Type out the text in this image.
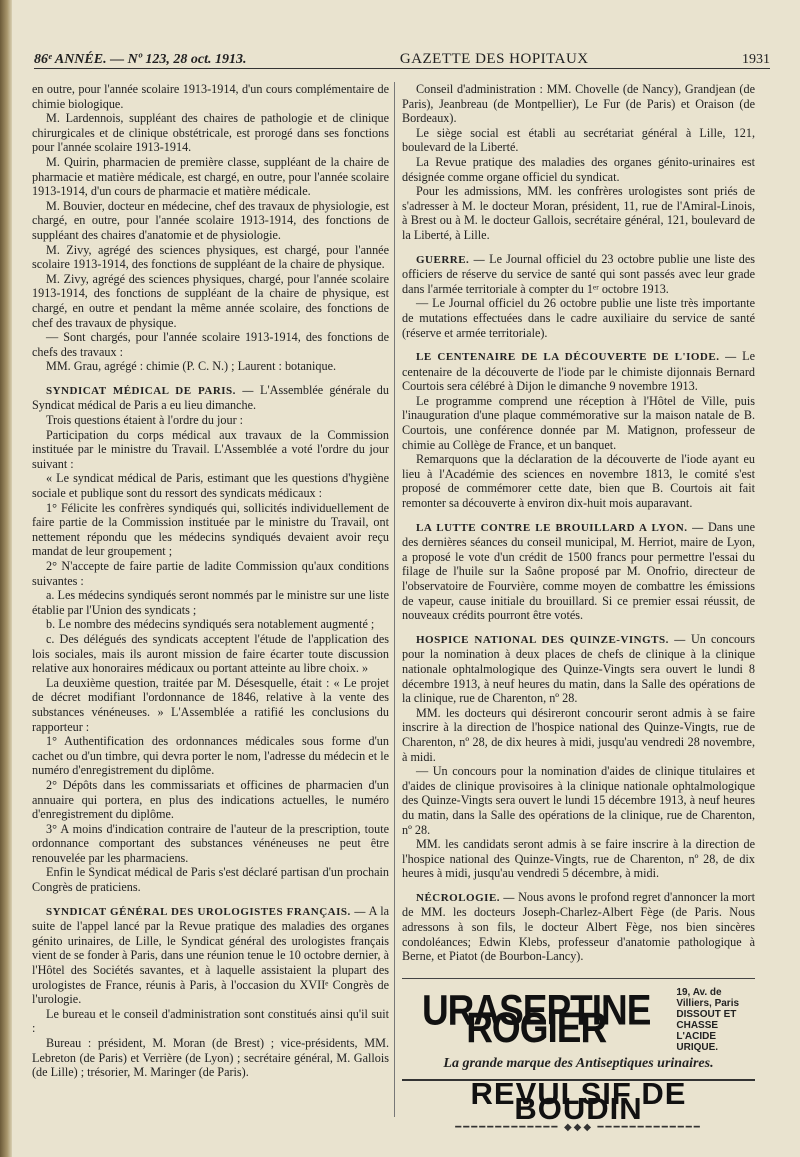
86ᵉ ANNÉE. — Nº 123, 28 oct. 1913.	GAZETTE DES HOPITAUX	1931

en outre, pour l'année scolaire 1913-1914, d'un cours complémentaire de chimie biologique.

M. Lardennois, suppléant des chaires de pathologie et de clinique chirurgicales et de clinique obstétricale, est prorogé dans ses fonctions pour l'année scolaire 1913-1914.

M. Quirin, pharmacien de première classe, suppléant de la chaire de pharmacie et matière médicale, est chargé, en outre, pour l'année scolaire 1913-1914, d'un cours de pharmacie et matière médicale.

M. Bouvier, docteur en médecine, chef des travaux de physiologie, est chargé, en outre, pour l'année scolaire 1913-1914, des fonctions de suppléant des chaires d'anatomie et de physiologie.

M. Zivy, agrégé des sciences physiques, est chargé, pour l'année scolaire 1913-1914, des fonctions de suppléant de la chaire de physique.

M. Zivy, agrégé des sciences physiques, chargé, pour l'année scolaire 1913-1914, des fonctions de suppléant de la chaire de physique, est chargé, en outre et pendant la même année scolaire, des fonctions de chef des travaux de physique.

— Sont chargés, pour l'année scolaire 1913-1914, des fonctions de chefs des travaux :

MM. Grau, agrégé : chimie (P. C. N.) ; Laurent : botanique.

SYNDICAT MÉDICAL DE PARIS. — L'Assemblée générale du Syndicat médical de Paris a eu lieu dimanche.

Trois questions étaient à l'ordre du jour :

Participation du corps médical aux travaux de la Commission instituée par le ministre du Travail. L'Assemblée a voté l'ordre du jour suivant :

« Le syndicat médical de Paris, estimant que les questions d'hygiène sociale et publique sont du ressort des syndicats médicaux :

1° Félicite les confrères syndiqués qui, sollicités individuellement de faire partie de la Commission instituée par le ministre du Travail, ont nettement répondu que les médecins syndiqués devaient avoir reçu mandat de leur groupement ;

2° N'accepte de faire partie de ladite Commission qu'aux conditions suivantes :

a. Les médecins syndiqués seront nommés par le ministre sur une liste établie par l'Union des syndicats ;

b. Le nombre des médecins syndiqués sera notablement augmenté ;

c. Des délégués des syndicats acceptent l'étude de l'application des lois sociales, mais ils auront mission de faire écarter toute discussion relative aux honoraires médicaux ou portant atteinte au libre choix. »

La deuxième question, traitée par M. Désesquelle, était : « Le projet de décret modifiant l'ordonnance de 1846, relative à la vente des substances vénéneuses. » L'Assemblée a ratifié les conclusions du rapporteur :

1° Authentification des ordonnances médicales sous forme d'un cachet ou d'un timbre, qui devra porter le nom, l'adresse du médecin et le numéro d'enregistrement du diplôme.

2° Dépôts dans les commissariats et officines de pharmacien d'un annuaire qui portera, en plus des indications actuelles, le numéro d'enregistrement du diplôme.

3° A moins d'indication contraire de l'auteur de la prescription, toute ordonnance comportant des substances vénéneuses ne peut être renouvelée par les pharmaciens.

Enfin le Syndicat médical de Paris s'est déclaré partisan d'un prochain Congrès de praticiens.

SYNDICAT GÉNÉRAL DES UROLOGISTES FRANÇAIS. — A la suite de l'appel lancé par la Revue pratique des maladies des organes génito urinaires, de Lille, le Syndicat général des urologistes français vient de se fonder à Paris, dans une réunion tenue le 10 octobre dernier, à l'Hôtel des Sociétés savantes, et à laquelle assistaient la plupart des urologistes de France, réunis à Paris, à l'occasion du XVIIᵉ Congrès de l'urologie.

Le bureau et le conseil d'administration sont constitués ainsi qu'il suit :

Bureau : président, M. Moran (de Brest) ; vice-présidents, MM. Lebreton (de Paris) et Verrière (de Lyon) ; secrétaire général, M. Gallois (de Lille) ; trésorier, M. Maringer (de Paris).

Conseil d'administration : MM. Chovelle (de Nancy), Grandjean (de Paris), Jeanbreau (de Montpellier), Le Fur (de Paris) et Oraison (de Bordeaux).

Le siège social est établi au secrétariat général à Lille, 121, boulevard de la Liberté.

La Revue pratique des maladies des organes génito-urinaires est désignée comme organe officiel du syndicat.

Pour les admissions, MM. les confrères urologistes sont priés de s'adresser à M. le docteur Moran, président, 11, rue de l'Amiral-Linois, à Brest ou à M. le docteur Gallois, secrétaire général, 121, boulevard de la Liberté, à Lille.

GUERRE. — Le Journal officiel du 23 octobre publie une liste des officiers de réserve du service de santé qui sont passés avec leur grade dans l'armée territoriale à compter du 1ᵉʳ octobre 1913.

— Le Journal officiel du 26 octobre publie une liste très importante de mutations effectuées dans le cadre auxiliaire du service de santé (réserve et armée territoriale).

LE CENTENAIRE DE LA DÉCOUVERTE DE L'IODE. — Le centenaire de la découverte de l'iode par le chimiste dijonnais Bernard Courtois sera célébré à Dijon le dimanche 9 novembre 1913.

Le programme comprend une réception à l'Hôtel de Ville, puis l'inauguration d'une plaque commémorative sur la maison natale de B. Courtois, une conférence donnée par M. Matignon, professeur de chimie au Collège de France, et un banquet.

Remarquons que la déclaration de la découverte de l'iode ayant eu lieu à l'Académie des sciences en novembre 1813, le comité s'est proposé de commémorer cette date, bien que B. Courtois ait fait remonter sa découverte à environ dix-huit mois auparavant.

LA LUTTE CONTRE LE BROUILLARD A LYON. — Dans une des dernières séances du conseil municipal, M. Herriot, maire de Lyon, a proposé le vote d'un crédit de 1500 francs pour permettre l'essai du filage de l'huile sur la Saône proposé par M. Onofrio, directeur de l'observatoire de Fourvière, comme moyen de combattre les émissions de vapeur, cause initiale du brouillard. Si ce premier essai réussit, de nouveaux crédits pourront être votés.

HOSPICE NATIONAL DES QUINZE-VINGTS. — Un concours pour la nomination à deux places de chefs de clinique à la clinique nationale ophtalmologique des Quinze-Vingts sera ouvert le lundi 8 décembre 1913, à neuf heures du matin, dans la Salle des opérations de la clinique, rue de Charenton, nº 28.

MM. les docteurs qui désireront concourir seront admis à se faire inscrire à la direction de l'hospice national des Quinze-Vingts, rue de Charenton, nº 28, de dix heures à midi, jusqu'au vendredi 28 novembre, à midi.

— Un concours pour la nomination d'aides de clinique titulaires et d'aides de clinique provisoires à la clinique nationale ophtalmologique des Quinze-Vingts sera ouvert le lundi 15 décembre 1913, à neuf heures du matin, dans la Salle des opérations de la clinique, rue de Charenton, nº 28.

MM. les candidats seront admis à se faire inscrire à la direction de l'hospice national des Quinze-Vingts, rue de Charenton, nº 28, de dix heures à midi, jusqu'au vendredi 5 décembre, à midi.

NÉCROLOGIE. — Nous avons le profond regret d'annoncer la mort de MM. les docteurs Joseph-Charlez-Albert Fège (de Paris. Nous adressons à son fils, le docteur Albert Fège, nos bien sincères condoléances; Edwin Klebs, professeur d'anatomie pathologique à Berne, et Piatot (de Bourbon-Lancy).

URASEPTINE ROGIER
19, Av. de Villiers, Paris
DISSOUT ET CHASSE
L'ACIDE URIQUE.
La grande marque des Antiseptiques urinaires.
REVULSIF DE BOUDIN
━━━━━━━━━━━━━ ◆◆◆ ━━━━━━━━━━━━━
